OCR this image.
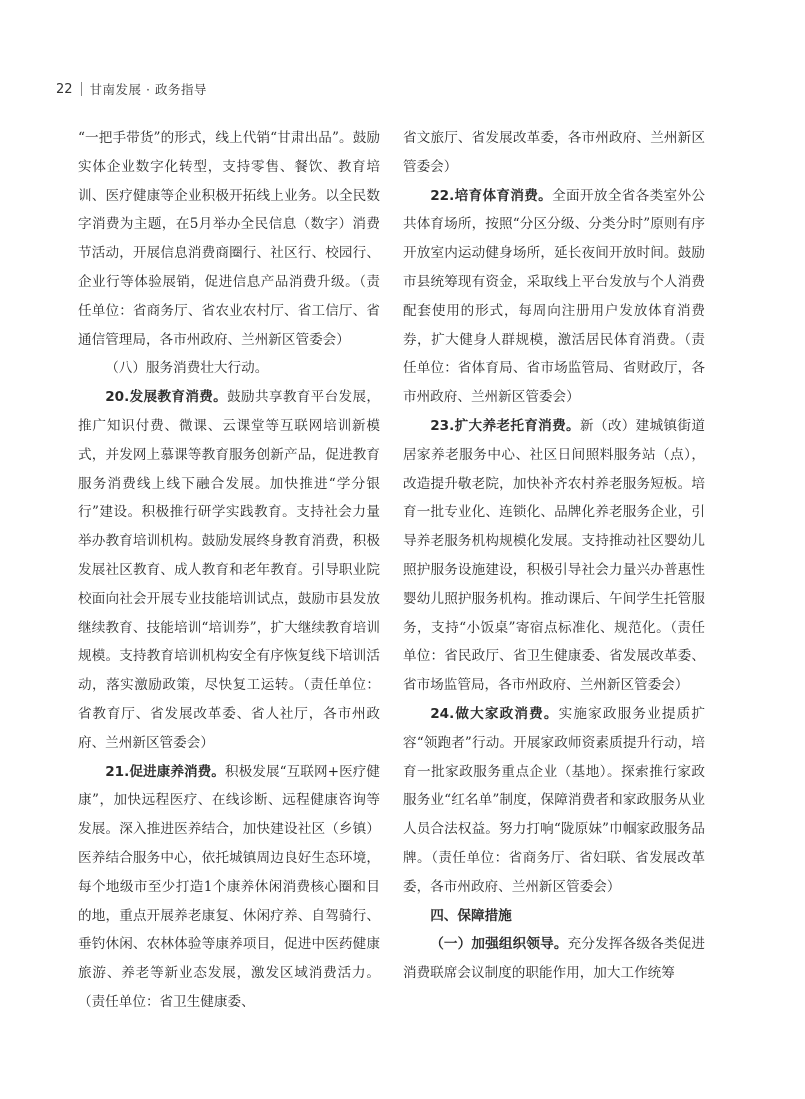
22 甘南发展 · 政务指导

“一把手带货”的形式，线上代销“甘肃出品”。鼓励实体企业数字化转型，支持零售、餐饮、教育培训、医疗健康等企业积极开拓线上业务。以全民数字消费为主题，在5月举办全民信息（数字）消费节活动，开展信息消费商圈行、社区行、校园行、企业行等体验展销，促进信息产品消费升级。（责任单位：省商务厅、省农业农村厅、省工信厅、省通信管理局，各市州政府、兰州新区管委会）

（八）服务消费壮大行动。

20.发展教育消费。鼓励共享教育平台发展，推广知识付费、微课、云课堂等互联网培训新模式，并发网上慕课等教育服务创新产品，促进教育服务消费线上线下融合发展。加快推进“学分银行”建设。积极推行研学实践教育。支持社会力量举办教育培训机构。鼓励发展终身教育消费，积极发展社区教育、成人教育和老年教育。引导职业院校面向社会开展专业技能培训试点，鼓励市县发放继续教育、技能培训“培训券”，扩大继续教育培训规模。支持教育培训机构安全有序恢复线下培训活动，落实激励政策，尽快复工运转。（责任单位：省教育厅、省发展改革委、省人社厅，各市州政府、兰州新区管委会）

21.促进康养消费。积极发展“互联网+医疗健康”，加快远程医疗、在线诊断、远程健康咨询等发展。深入推进医养结合，加快建设社区（乡镇）医养结合服务中心，依托城镇周边良好生态环境，每个地级市至少打造1个康养休闲消费核心圈和目的地，重点开展养老康复、休闲疗养、自驾骑行、垂钓休闲、农林体验等康养项目，促进中医药健康旅游、养老等新业态发展，激发区域消费活力。（责任单位：省卫生健康委、

省文旅厅、省发展改革委，各市州政府、兰州新区管委会）

22.培育体育消费。全面开放全省各类室外公共体育场所，按照“分区分级、分类分时”原则有序开放室内运动健身场所，延长夜间开放时间。鼓励市县统筹现有资金，采取线上平台发放与个人消费配套使用的形式，每周向注册用户发放体育消费券，扩大健身人群规模，激活居民体育消费。（责任单位：省体育局、省市场监管局、省财政厅，各市州政府、兰州新区管委会）

23.扩大养老托育消费。新（改）建城镇街道居家养老服务中心、社区日间照料服务站（点），改造提升敬老院，加快补齐农村养老服务短板。培育一批专业化、连锁化、品牌化养老服务企业，引导养老服务机构规模化发展。支持推动社区婴幼儿照护服务设施建设，积极引导社会力量兴办普惠性婴幼儿照护服务机构。推动课后、午间学生托管服务，支持“小饭桌”寄宿点标准化、规范化。（责任单位：省民政厅、省卫生健康委、省发展改革委、省市场监管局，各市州政府、兰州新区管委会）

24.做大家政消费。实施家政服务业提质扩容“领跑者”行动。开展家政师资素质提升行动，培育一批家政服务重点企业（基地）。探索推行家政服务业“红名单”制度，保障消费者和家政服务从业人员合法权益。努力打响“陇原妹”巾帼家政服务品牌。（责任单位：省商务厅、省妇联、省发展改革委，各市州政府、兰州新区管委会）

四、保障措施

（一）加强组织领导。充分发挥各级各类促进消费联席会议制度的职能作用，加大工作统筹
